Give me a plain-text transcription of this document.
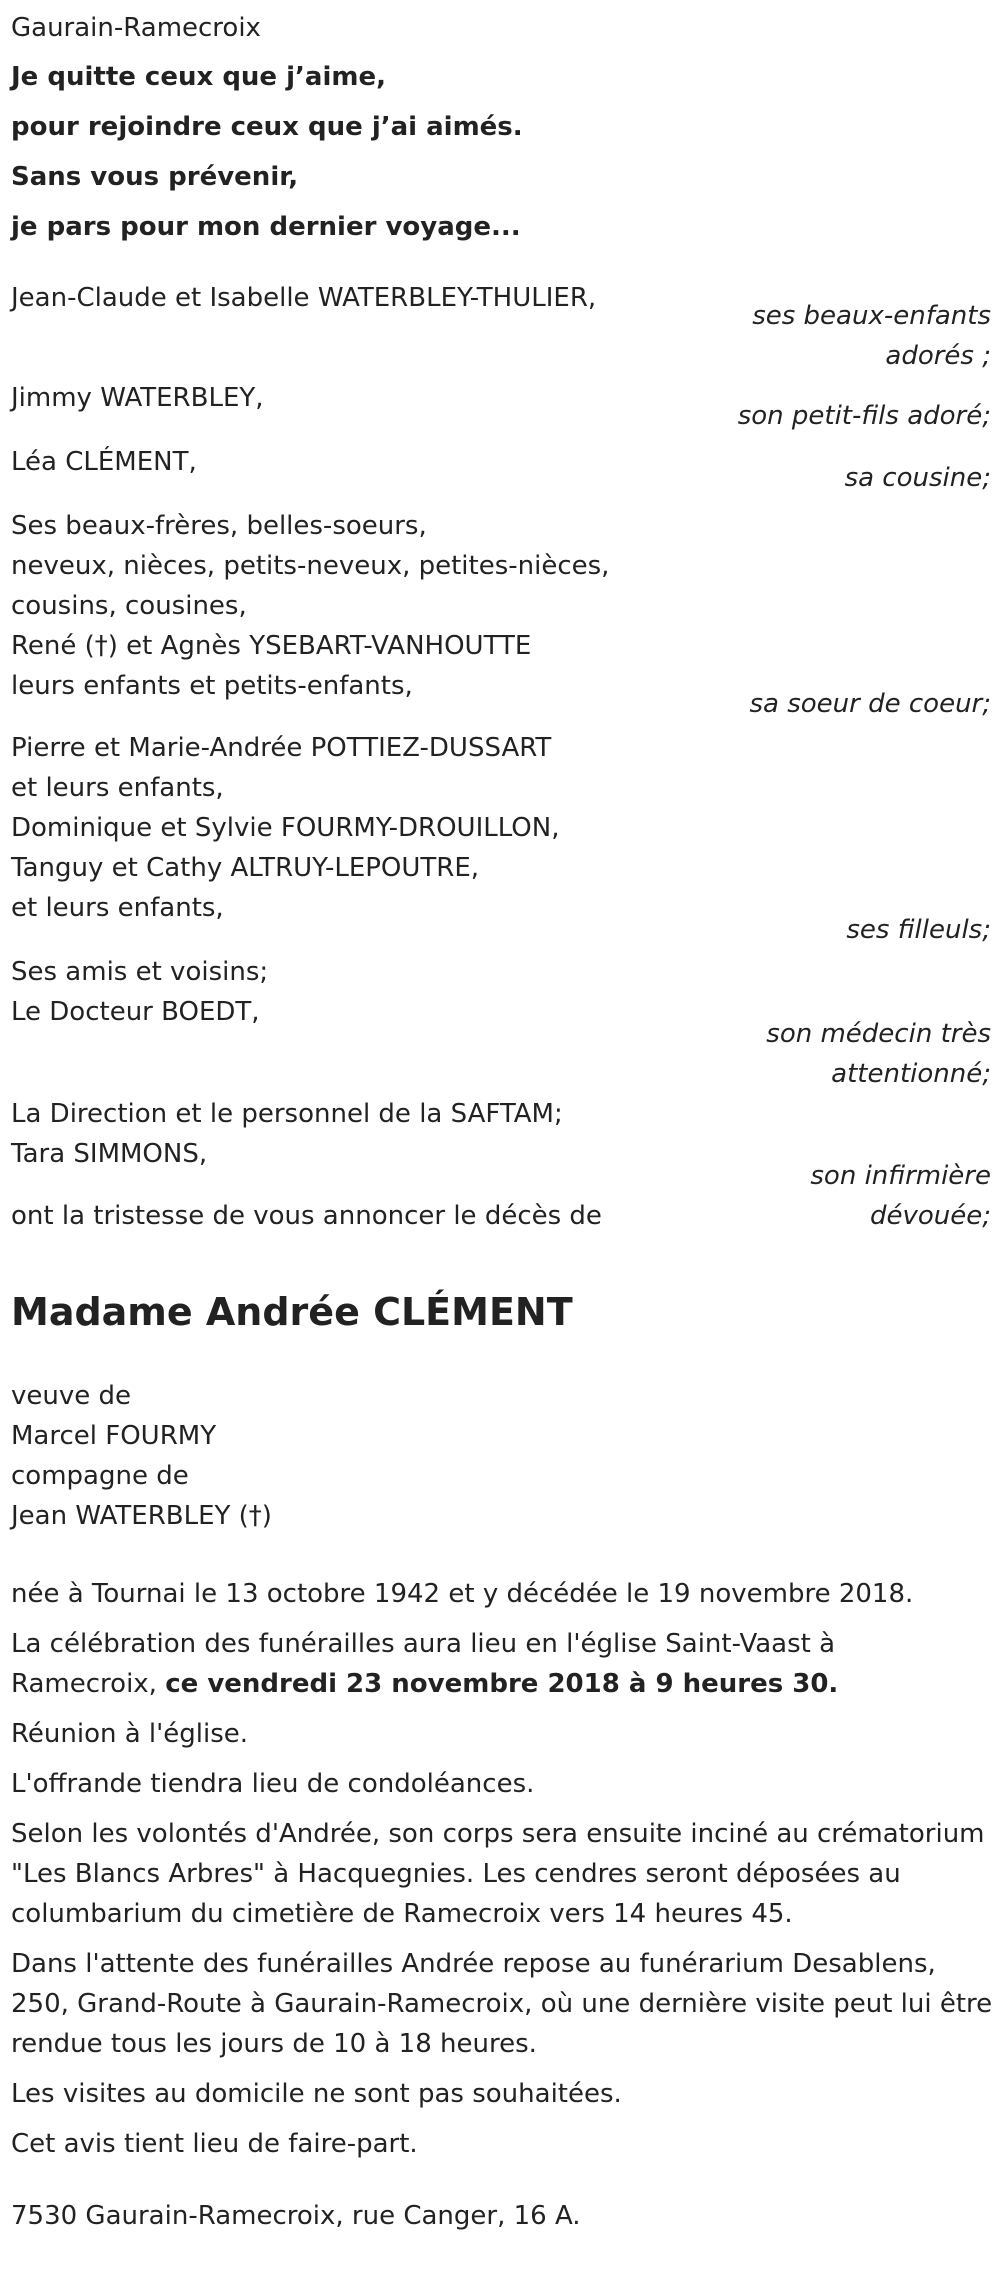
Gaurain-Ramecroix

Je quitte ceux que j’aime,

pour rejoindre ceux que j’ai aimés.

Sans vous prévenir,

je pars pour mon dernier voyage...

Jean-Claude et Isabelle WATERBLEY-THULIER,
ses beaux-enfants
adorés ;
Jimmy WATERBLEY,
son petit-fils adoré;
Léa CLÉMENT,
sa cousine;
Ses beaux-frères, belles-soeurs,
neveux, nièces, petits-neveux, petites-nièces,
cousins, cousines,
René (†) et Agnès YSEBART-VANHOUTTE
leurs enfants et petits-enfants,
sa soeur de coeur;
Pierre et Marie-Andrée POTTIEZ-DUSSART
et leurs enfants,
Dominique et Sylvie FOURMY-DROUILLON,
Tanguy et Cathy ALTRUY-LEPOUTRE,
et leurs enfants,
ses filleuls;
Ses amis et voisins;
Le Docteur BOEDT,
son médecin très
attentionné;
La Direction et le personnel de la SAFTAM;
Tara SIMMONS,
son infirmière
dévouée;
ont la tristesse de vous annoncer le décès de
Madame Andrée CLÉMENT
veuve de
Marcel FOURMY
compagne de
Jean WATERBLEY (†)

née à Tournai le 13 octobre 1942 et y décédée le 19 novembre 2018.

La célébration des funérailles aura lieu en l'église Saint-Vaast à Ramecroix, ce vendredi 23 novembre 2018 à 9 heures 30.

Réunion à l'église.

L'offrande tiendra lieu de condoléances.

Selon les volontés d'Andrée, son corps sera ensuite inciné au crématorium "Les Blancs Arbres" à Hacquegnies. Les cendres seront déposées au columbarium du cimetière de Ramecroix vers 14 heures 45.

Dans l'attente des funérailles Andrée repose au funérarium Desablens, 250, Grand-Route à Gaurain-Ramecroix, où une dernière visite peut lui être rendue tous les jours de 10 à 18 heures.

Les visites au domicile ne sont pas souhaitées.

Cet avis tient lieu de faire-part.

7530 Gaurain-Ramecroix, rue Canger, 16 A.
